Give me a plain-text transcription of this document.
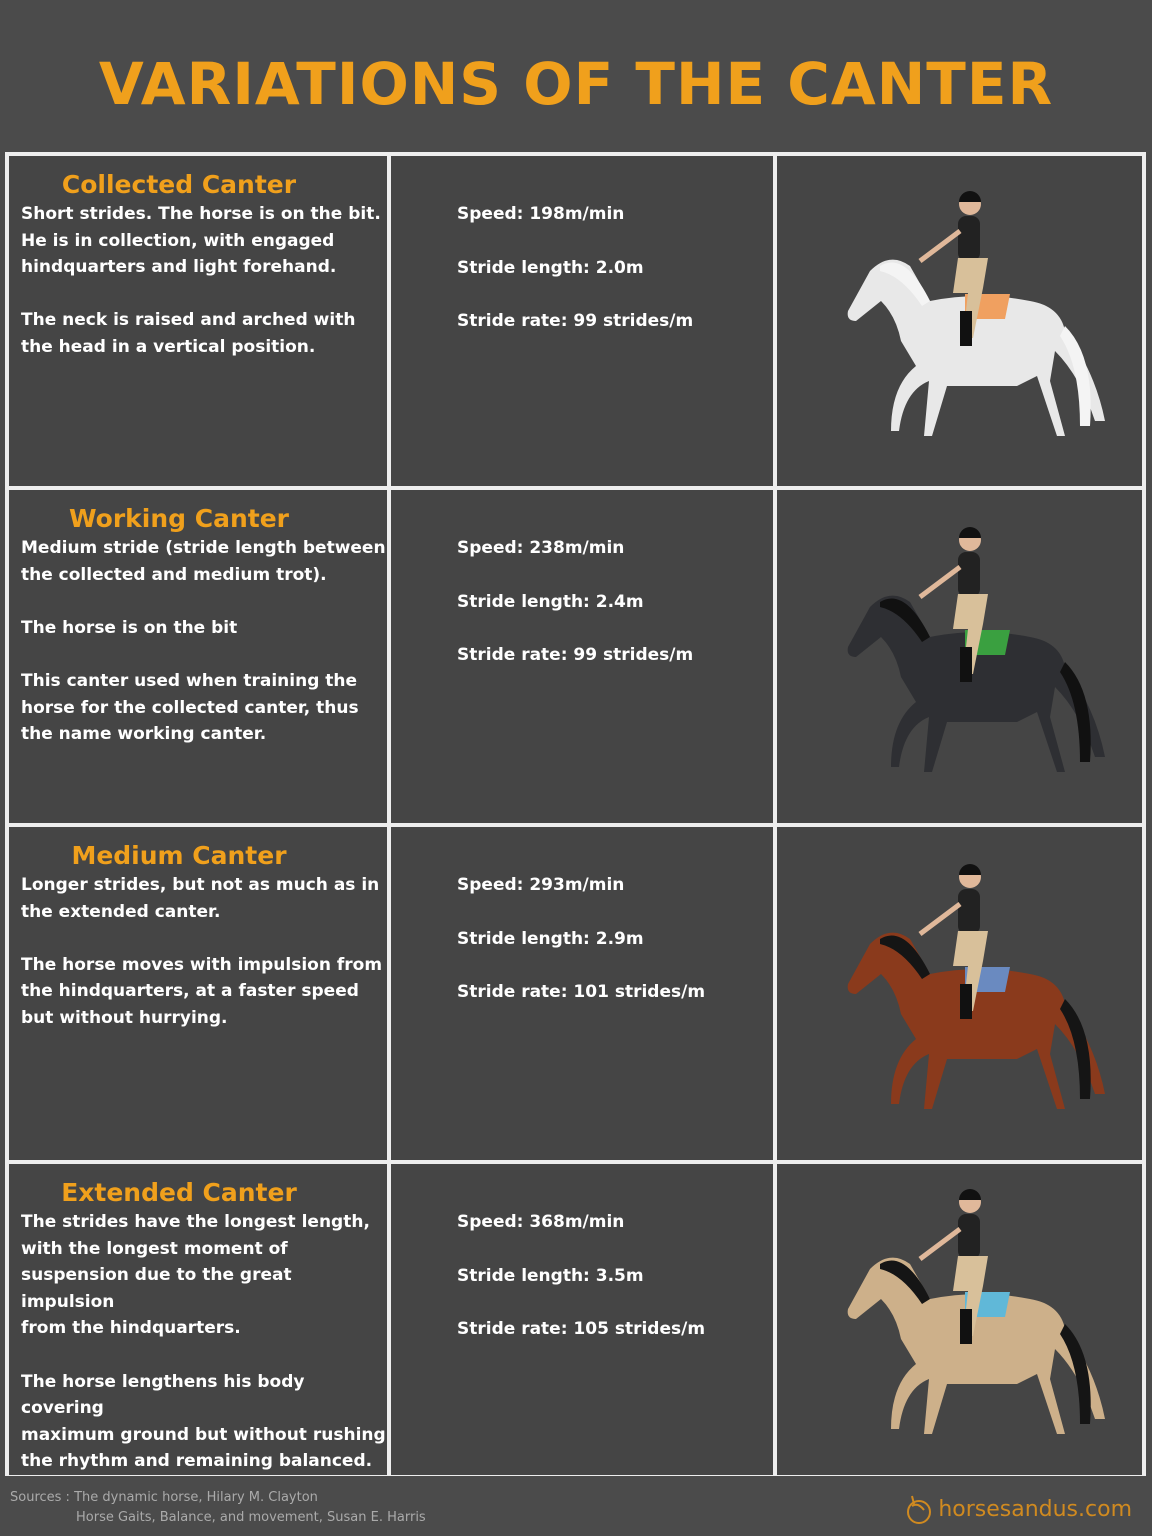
VARIATIONS OF THE CANTER
Collected Canter
Short strides. The horse is on the bit.
He is in collection, with engaged
hindquarters and light forehand.

The neck is raised and arched with
the head in a vertical position.
Speed: 198m/min
Stride length: 2.0m
Stride rate: 99 strides/m
Working Canter
Medium stride (stride length between
the collected and medium trot).

The horse is on the bit

This canter used when training the
horse for the collected canter, thus
the name working canter.
Speed: 238m/min
Stride length: 2.4m
Stride rate: 99 strides/m
Medium Canter
Longer strides, but not as much as in
the extended canter.

The horse moves with impulsion from
the hindquarters, at a faster speed
but without hurrying.
Speed: 293m/min
Stride length: 2.9m
Stride rate: 101 strides/m
Extended Canter
The strides have the longest length,
with the longest moment of
suspension due to the great impulsion
from the hindquarters.

The horse lengthens his body covering
maximum ground but without rushing
the rhythm and remaining balanced.
Speed: 368m/min
Stride length: 3.5m
Stride rate: 105 strides/m
Sources : The dynamic horse, Hilary M. Clayton
Horse Gaits, Balance, and movement, Susan E. Harris	horsesandus.com
